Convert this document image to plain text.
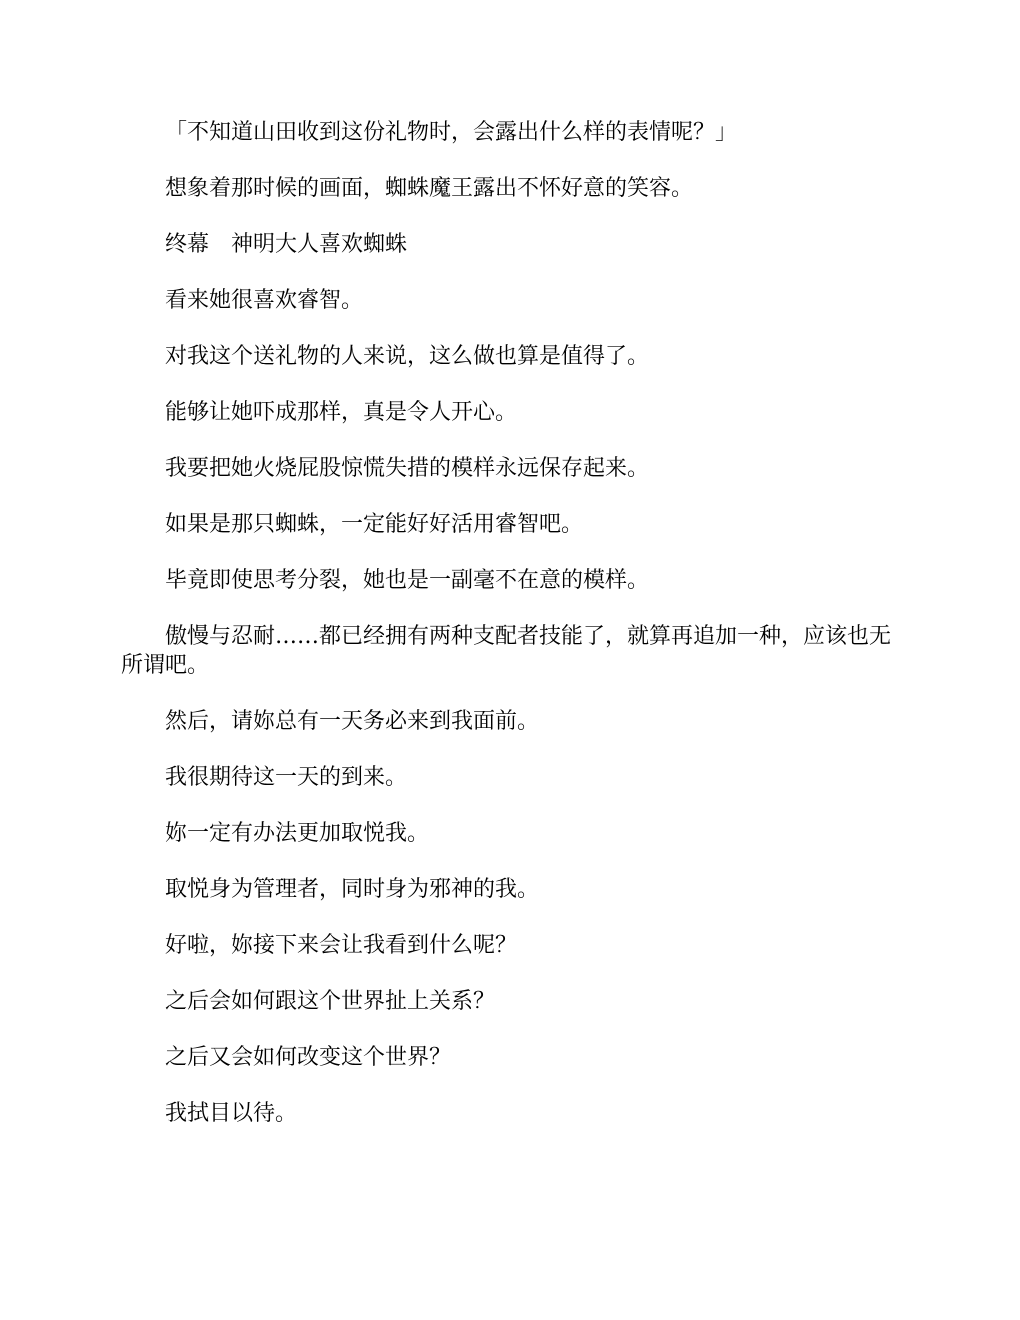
「不知道山田收到这份礼物时，会露出什么样的表情呢？」

想象着那时候的画面，蜘蛛魔王露出不怀好意的笑容。

终幕　神明大人喜欢蜘蛛

看来她很喜欢睿智。

对我这个送礼物的人来说，这么做也算是值得了。

能够让她吓成那样，真是令人开心。

我要把她火烧屁股惊慌失措的模样永远保存起来。

如果是那只蜘蛛，一定能好好活用睿智吧。

毕竟即使思考分裂，她也是一副毫不在意的模样。

傲慢与忍耐……都已经拥有两种支配者技能了，就算再追加一种，应该也无所谓吧。

然后，请妳总有一天务必来到我面前。

我很期待这一天的到来。

妳一定有办法更加取悦我。

取悦身为管理者，同时身为邪神的我。

好啦，妳接下来会让我看到什么呢？

之后会如何跟这个世界扯上关系？

之后又会如何改变这个世界？

我拭目以待。
